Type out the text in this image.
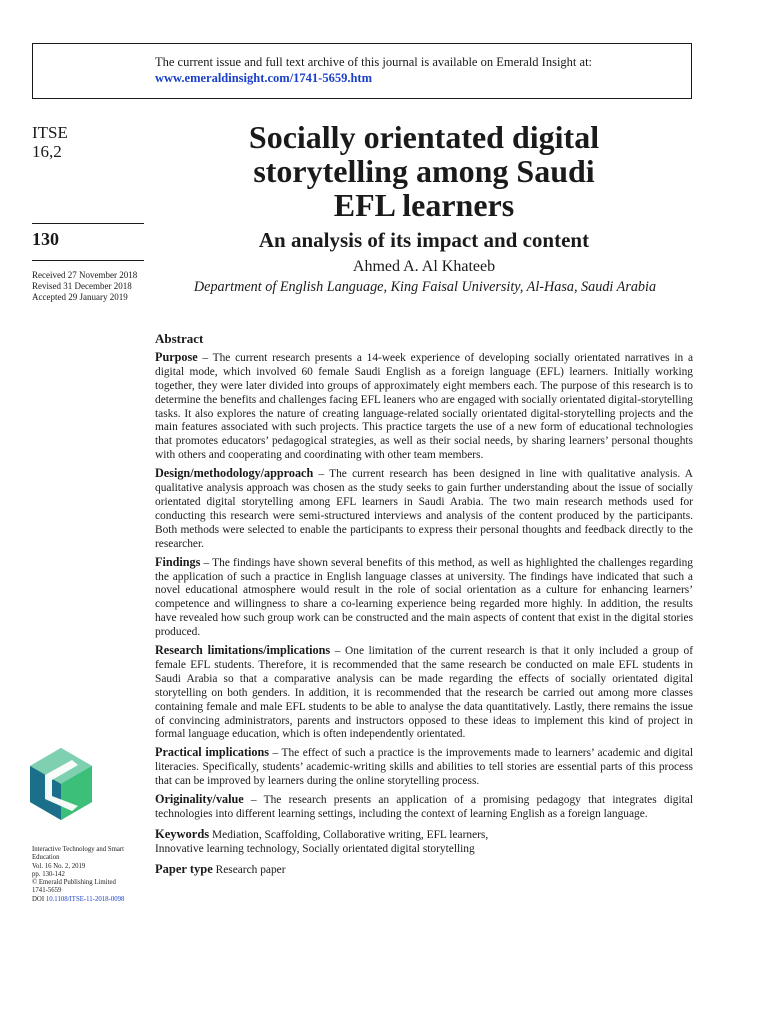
The current issue and full text archive of this journal is available on Emerald Insight at:
www.emeraldinsight.com/1741-5659.htm
ITSE
16,2
130
Received 27 November 2018
Revised 31 December 2018
Accepted 29 January 2019
Socially orientated digital
storytelling among Saudi
EFL learners
An analysis of its impact and content
Ahmed A. Al Khateeb
Department of English Language, King Faisal University, Al-Hasa, Saudi Arabia
Abstract

Purpose – The current research presents a 14-week experience of developing socially orientated narratives in a digital mode, which involved 60 female Saudi English as a foreign language (EFL) learners. Initially working together, they were later divided into groups of approximately eight members each. The purpose of this research is to determine the benefits and challenges facing EFL leaners who are engaged with socially orientated digital-storytelling tasks. It also explores the nature of creating language-related socially orientated digital-storytelling projects and the main features associated with such projects. This practice targets the use of a new form of educational technologies that promotes educators’ pedagogical strategies, as well as their social needs, by sharing learners’ personal thoughts with others and cooperating and coordinating with other team members.

Design/methodology/approach – The current research has been designed in line with qualitative analysis. A qualitative analysis approach was chosen as the study seeks to gain further understanding about the issue of socially orientated digital storytelling among EFL learners in Saudi Arabia. The two main research methods used for conducting this research were semi-structured interviews and analysis of the content produced by the participants. Both methods were selected to enable the participants to express their personal thoughts and feedback directly to the researcher.

Findings – The findings have shown several benefits of this method, as well as highlighted the challenges regarding the application of such a practice in English language classes at university. The findings have indicated that such a novel educational atmosphere would result in the role of social orientation as a culture for enhancing learners’ competence and willingness to share a co-learning experience being regarded more highly. In addition, the results have revealed how such group work can be constructed and the main aspects of content that exist in the digital stories produced.

Research limitations/implications – One limitation of the current research is that it only included a group of female EFL students. Therefore, it is recommended that the same research be conducted on male EFL students in Saudi Arabia so that a comparative analysis can be made regarding the effects of socially orientated digital storytelling on both genders. In addition, it is recommended that the research be carried out among more classes containing female and male EFL students to be able to analyse the data quantitatively. Lastly, there remains the issue of convincing administrators, parents and instructors opposed to these ideas to implement this kind of project in formal language education, which is often independently orientated.

Practical implications – The effect of such a practice is the improvements made to learners’ academic and digital literacies. Specifically, students’ academic-writing skills and abilities to tell stories are essential parts of this process that can be improved by learners during the online storytelling process.

Originality/value – The research presents an application of a promising pedagogy that integrates digital technologies into different learning settings, including the context of learning English as a foreign language.

Keywords Mediation, Scaffolding, Collaborative writing, EFL learners,
Innovative learning technology, Socially orientated digital storytelling

Paper type Research paper

Interactive Technology and Smart
Education
Vol. 16 No. 2, 2019
pp. 130-142
© Emerald Publishing Limited
1741-5659
DOI 10.1108/ITSE-11-2018-0098
